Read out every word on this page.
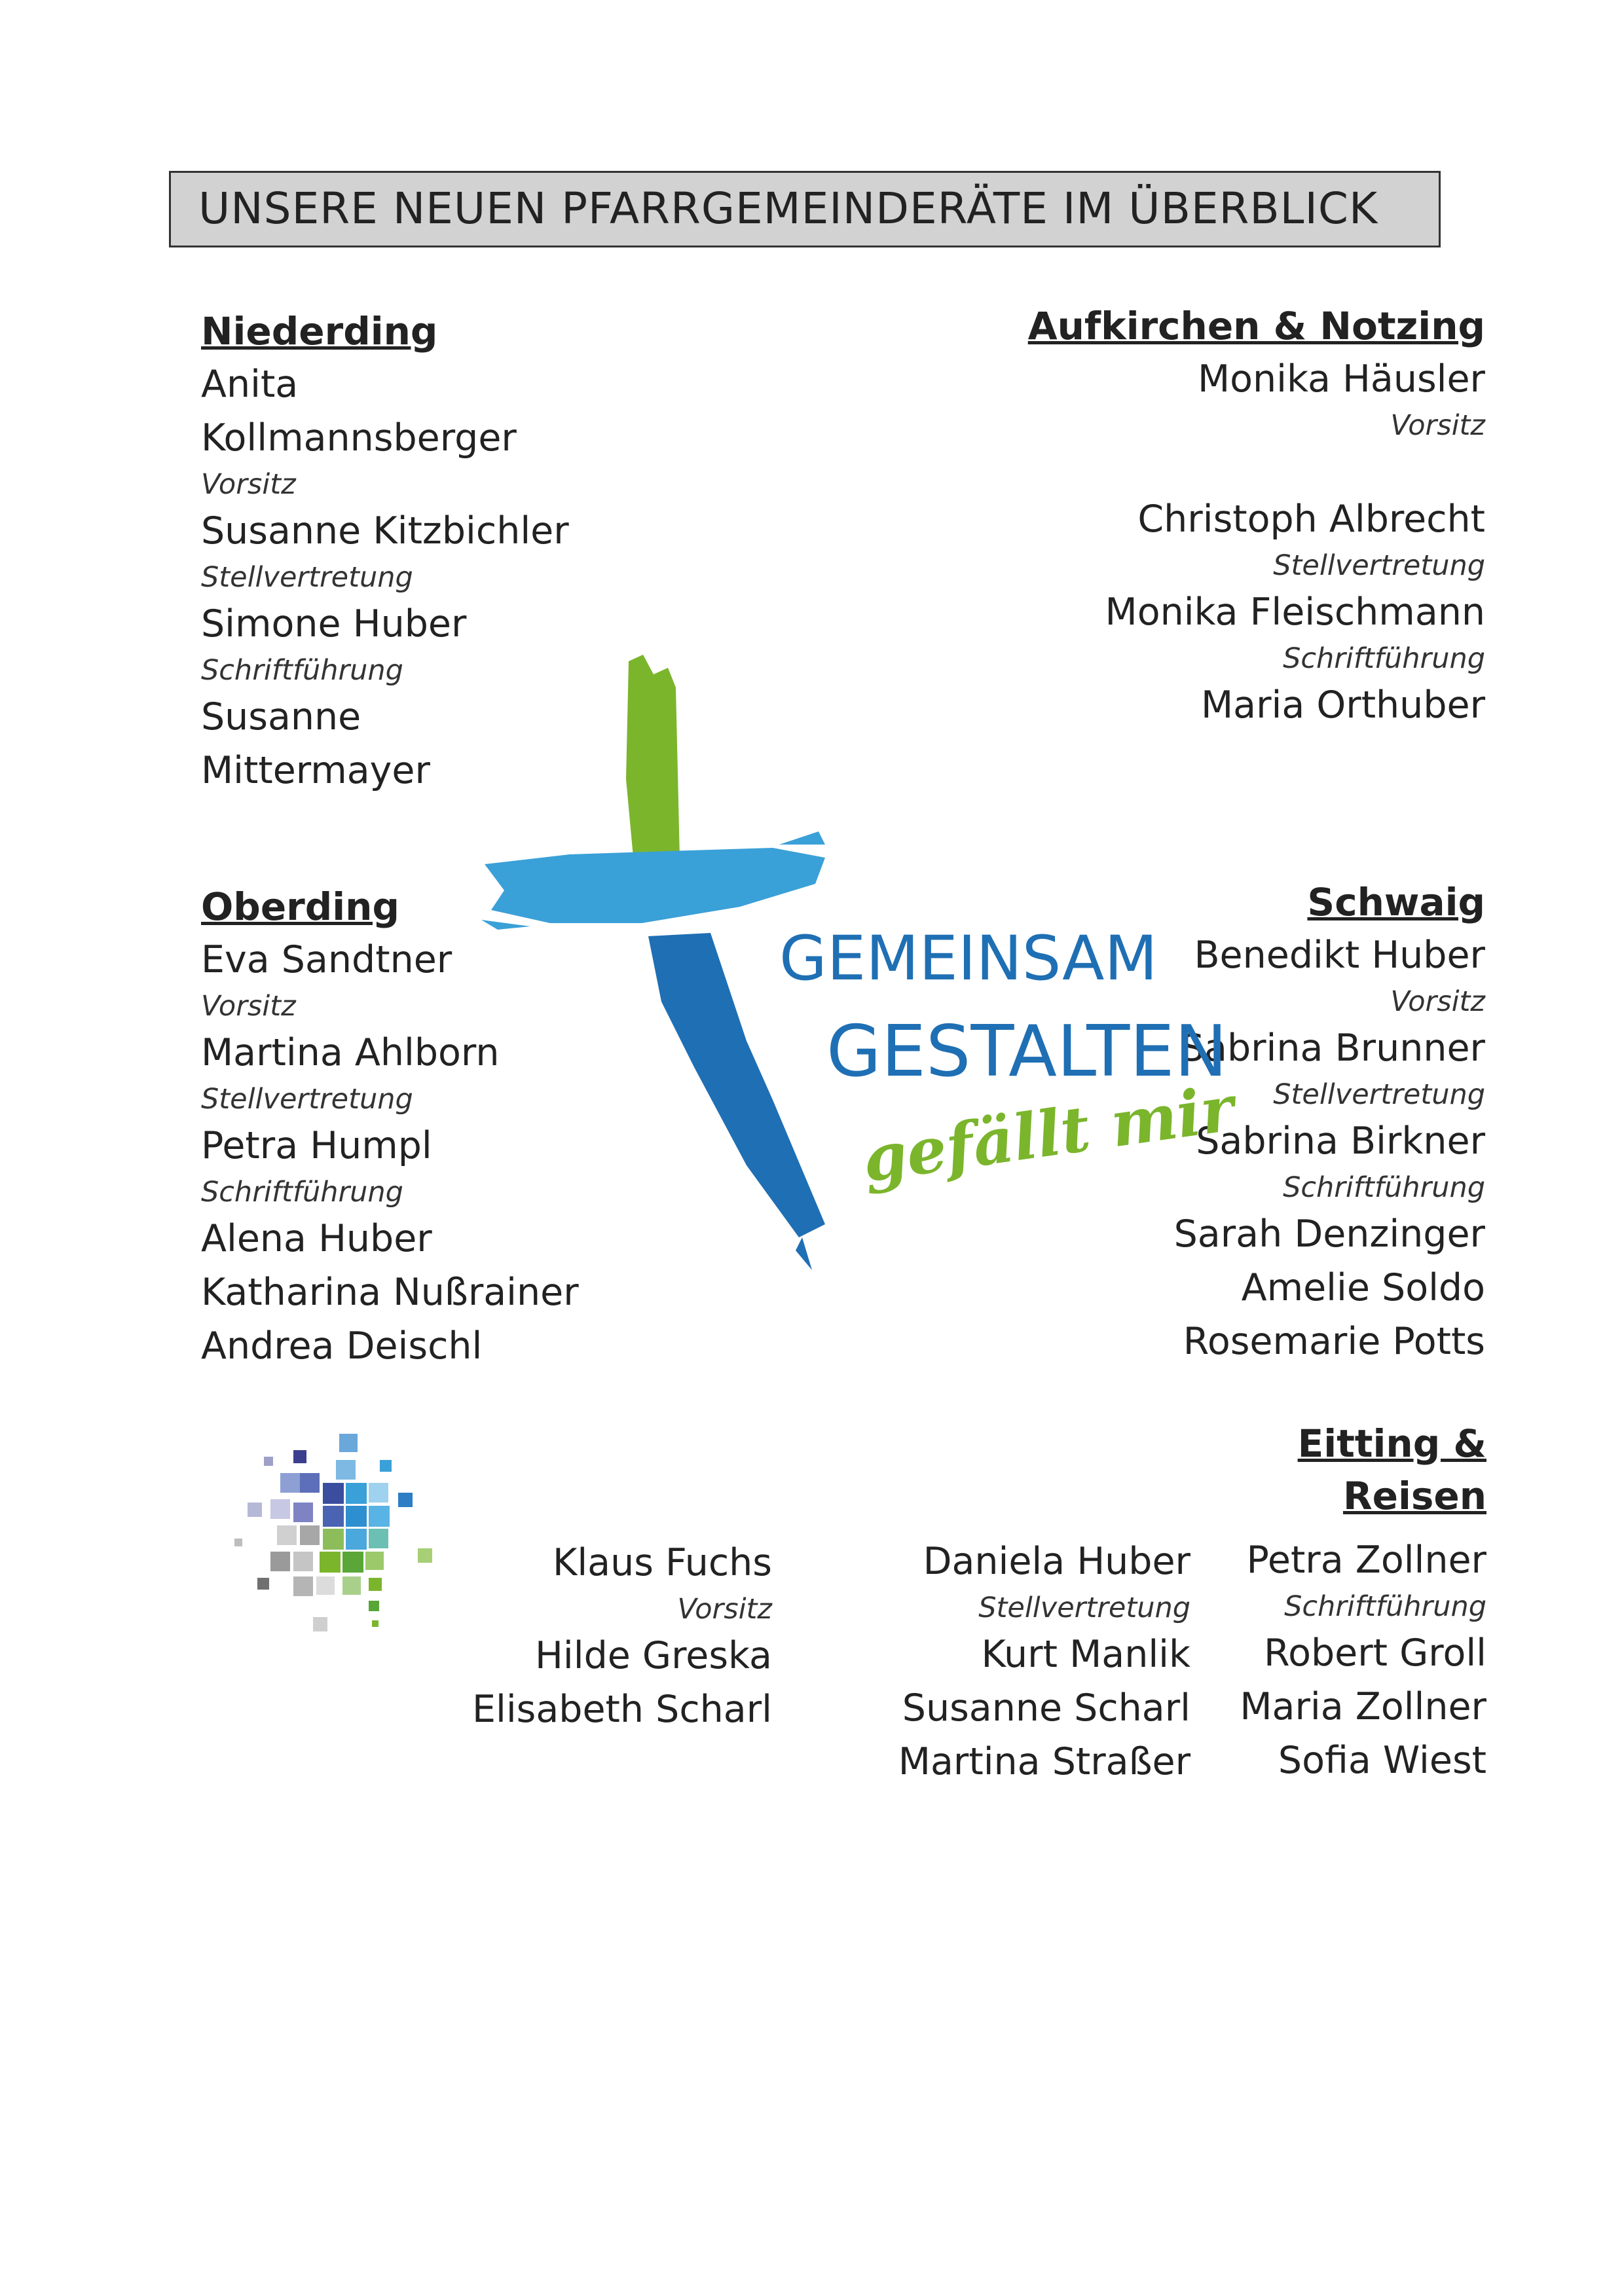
UNSERE NEUEN PFARRGEMEINDERÄTE IM ÜBERBLICK
Niederding
Anita
Kollmannsberger
Vorsitz
Susanne Kitzbichler
Stellvertretung
Simone Huber
Schriftführung
Susanne
Mittermayer
Aufkirchen & Notzing
Monika Häusler
Vorsitz
Christoph Albrecht
Stellvertretung
Monika Fleischmann
Schriftführung
Maria Orthuber
Oberding
Eva Sandtner
Vorsitz
Martina Ahlborn
Stellvertretung
Petra Humpl
Schriftführung
Alena Huber
Katharina Nußrainer
Andrea Deischl
Schwaig
Benedikt Huber
Vorsitz
Sabrina Brunner
Stellvertretung
Sabrina Birkner
Schriftführung
Sarah Denzinger
Amelie Soldo
Rosemarie Potts
GEMEINSAM
GESTALTEN
gefällt mir
Eitting &
Reisen
Klaus Fuchs
Vorsitz
Hilde Greska
Elisabeth Scharl
Daniela Huber
Stellvertretung
Kurt Manlik
Susanne Scharl
Martina Straßer
Petra Zollner
Schriftführung
Robert Groll
Maria Zollner
Sofia Wiest
